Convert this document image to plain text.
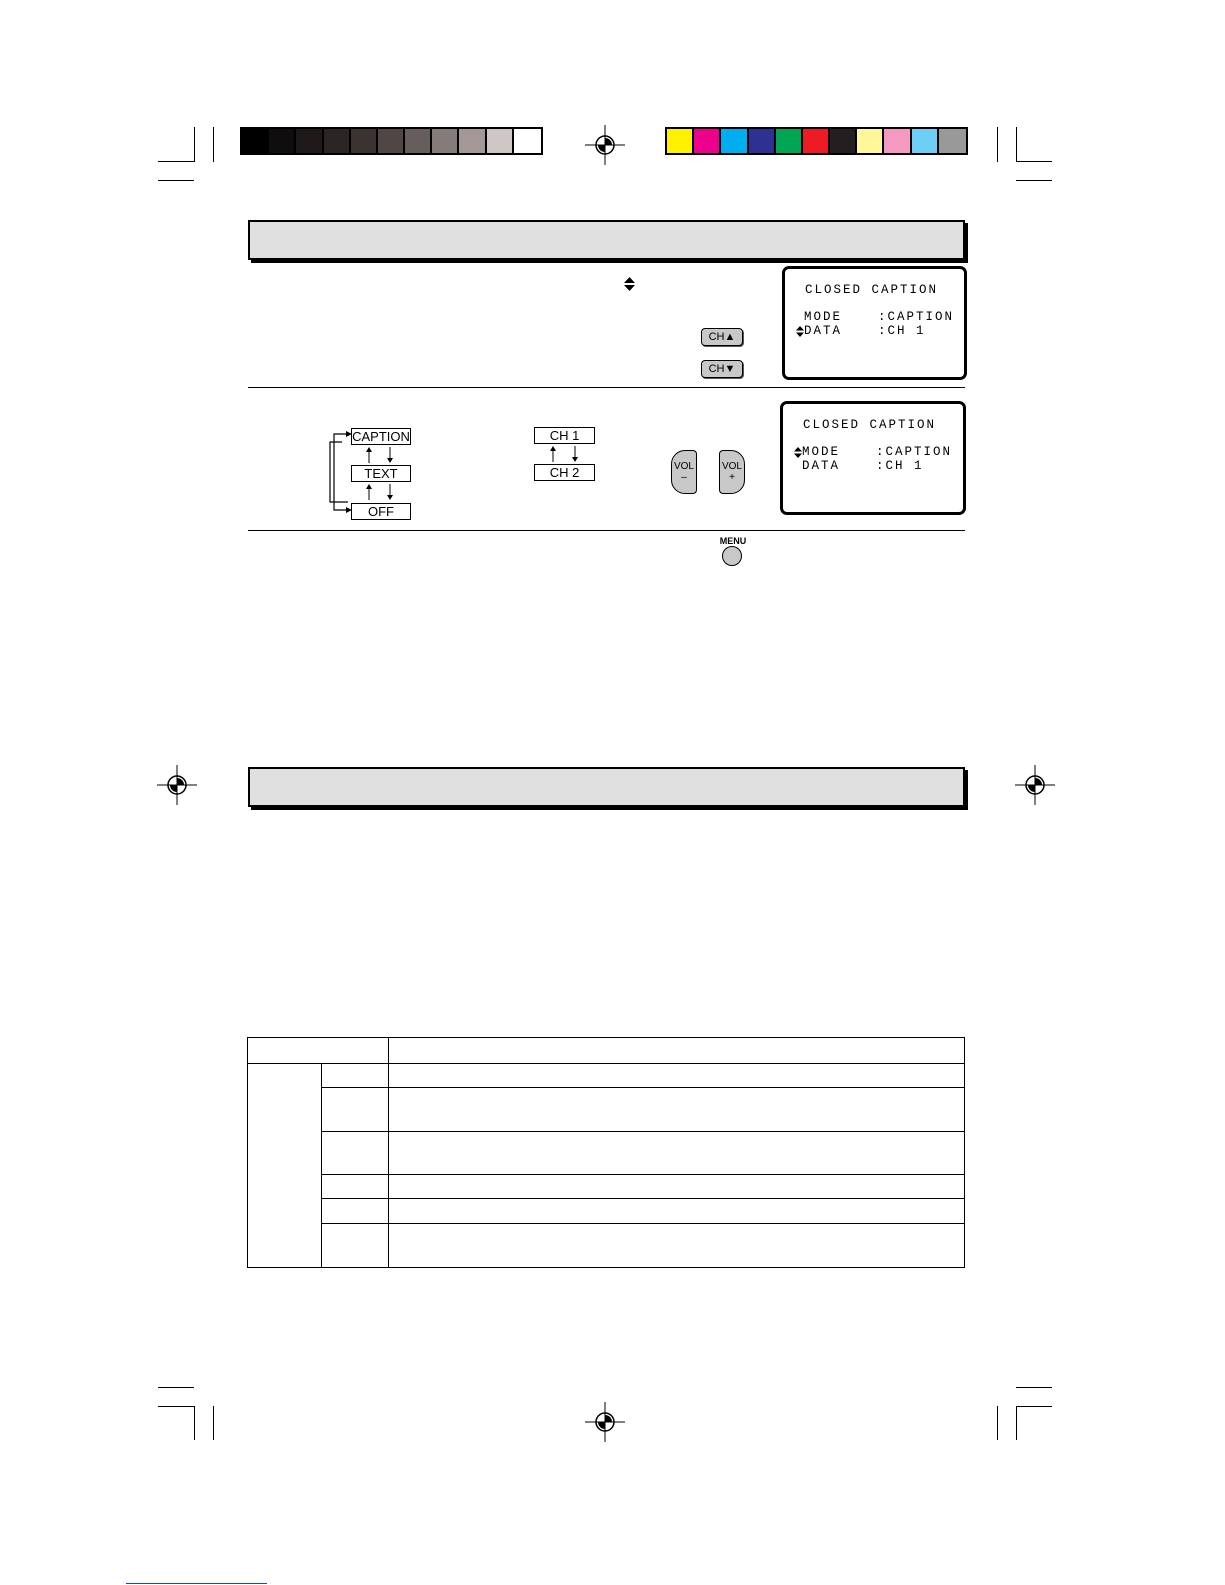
CH▲
CH▼
CLOSED CAPTION
MODE	:CAPTION
DATA	:CH 1
CAPTION
TEXT
OFF
CH 1
CH 2	VOL
–
VOL
+
CLOSED CAPTION
MODE	:CAPTION
DATA	:CH 1
MENU
